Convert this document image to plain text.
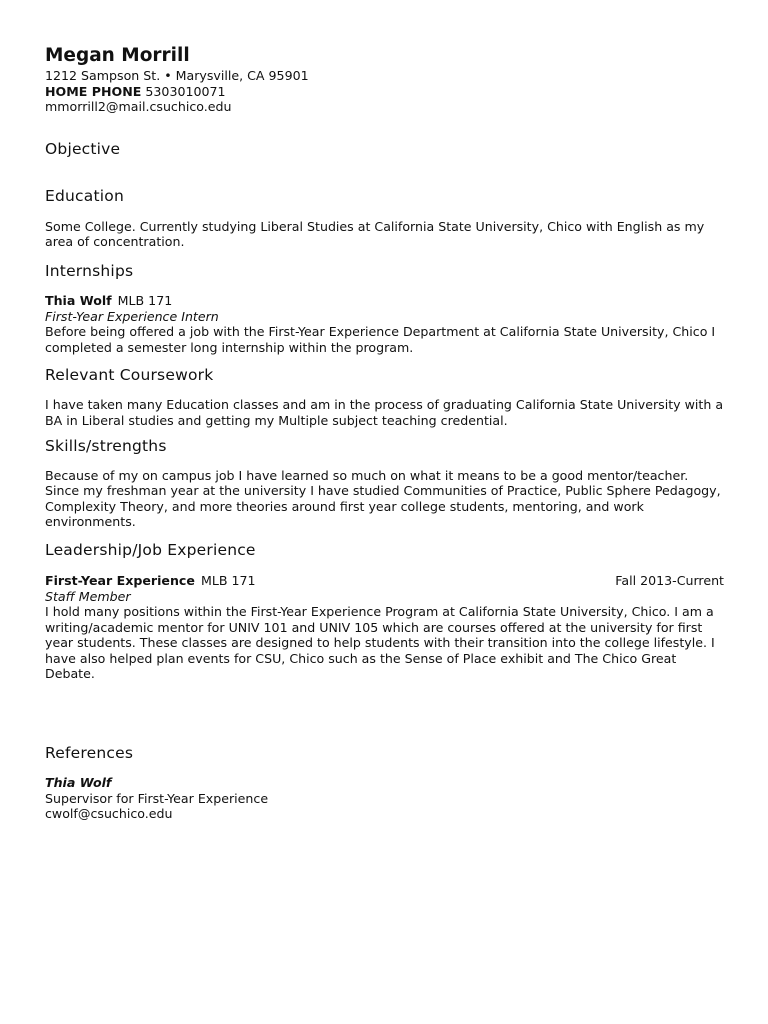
Megan Morrill

1212 Sampson St. • Marysville, CA 95901

HOME PHONE 5303010071

mmorrill2@mail.csuchico.edu

Objective
Education

Some College. Currently studying Liberal Studies at California State University, Chico with English as my area of concentration.

Internships

Thia Wolf MLB 171

First-Year Experience Intern

Before being offered a job with the First-Year Experience Department at California State University, Chico I completed a semester long internship within the program.

Relevant Coursework

I have taken many Education classes and am in the process of graduating California State University with a BA in Liberal studies and getting my Multiple subject teaching credential.

Skills/strengths

Because of my on campus job I have learned so much on what it means to be a good mentor/teacher. Since my freshman year at the university I have studied Communities of Practice, Public Sphere Pedagogy, Complexity Theory, and more theories around first year college students, mentoring, and work environments.

Leadership/Job Experience

First-Year Experience MLB 171	Fall 2013-Current

Staff Member

I hold many positions within the First-Year Experience Program at California State University, Chico. I am a writing/academic mentor for UNIV 101 and UNIV 105 which are courses offered at the university for first year students. These classes are designed to help students with their transition into the college lifestyle. I have also helped plan events for CSU, Chico such as the Sense of Place exhibit and The Chico Great Debate.

References

Thia Wolf

Supervisor for First-Year Experience

cwolf@csuchico.edu
